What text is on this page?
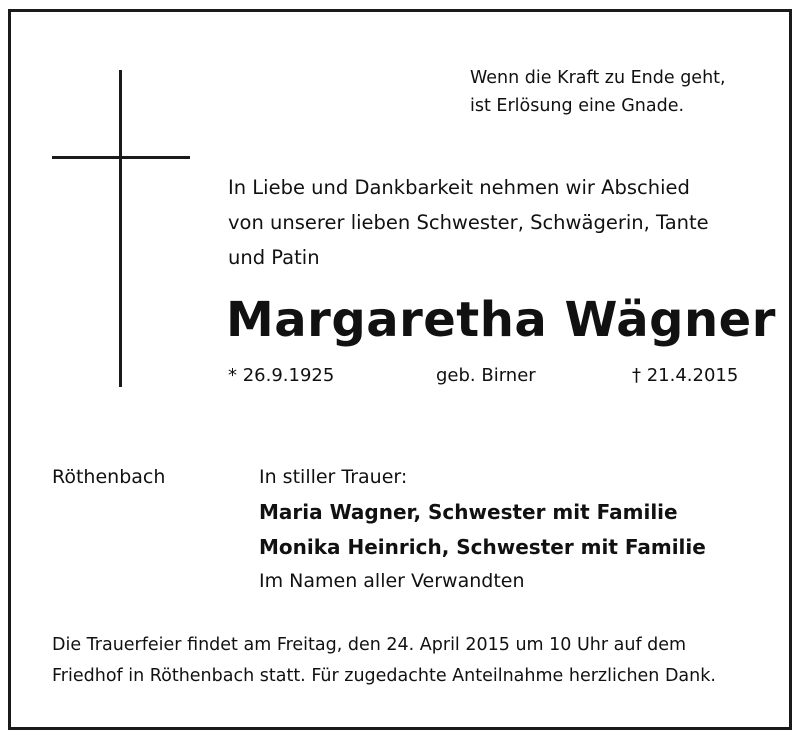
Wenn die Kraft zu Ende geht,
ist Erlösung eine Gnade.
In Liebe und Dankbarkeit nehmen wir Abschied
von unserer lieben Schwester, Schwägerin, Tante
und Patin
Margaretha Wägner
* 26.9.1925	geb. Birner	† 21.4.2015
Röthenbach	In stiller Trauer:
Maria Wagner, Schwester mit Familie
Monika Heinrich, Schwester mit Familie
Im Namen aller Verwandten
Die Trauerfeier findet am Freitag, den 24. April 2015 um 10 Uhr auf dem
Friedhof in Röthenbach statt. Für zugedachte Anteilnahme herzlichen Dank.
